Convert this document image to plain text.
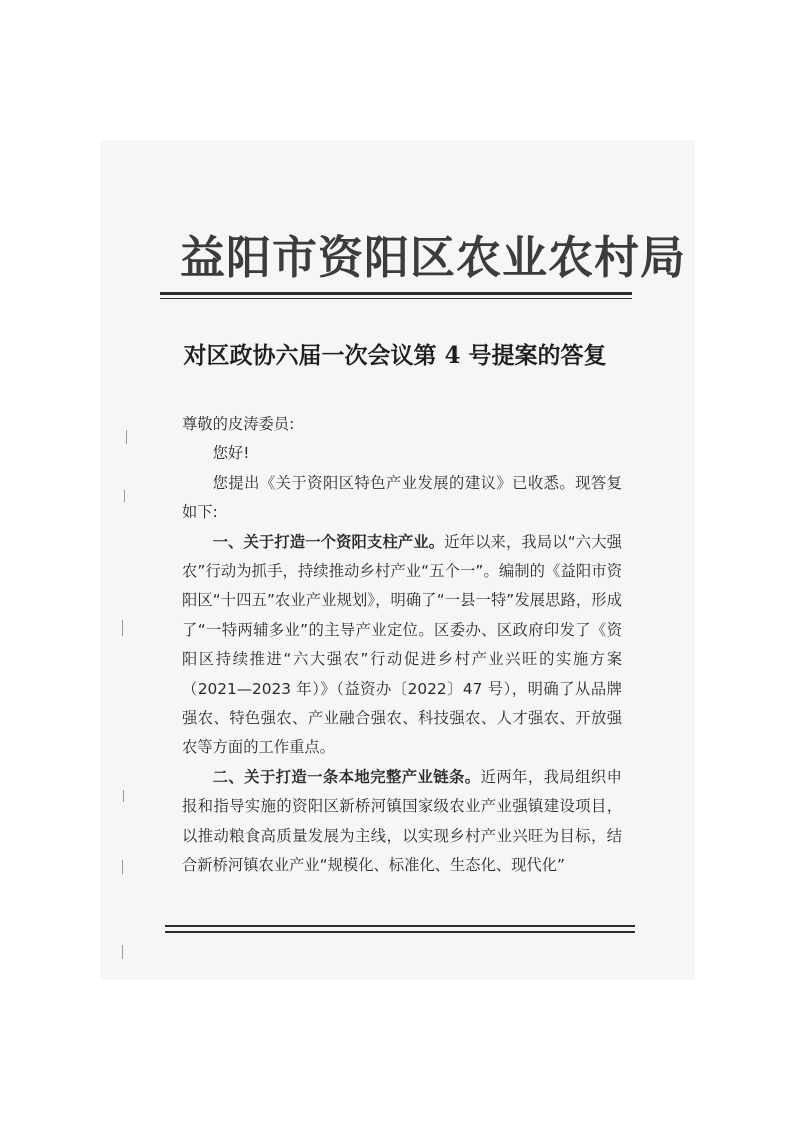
益阳市资阳区农业农村局
对区政协六届一次会议第 4 号提案的答复

尊敬的皮涛委员:

您好!

您提出《关于资阳区特色产业发展的建议》已收悉。现答复如下:

一、关于打造一个资阳支柱产业。近年以来，我局以“六大强农”行动为抓手，持续推动乡村产业“五个一”。编制的《益阳市资阳区“十四五”农业产业规划》，明确了“一县一特”发展思路，形成了“一特两辅多业”的主导产业定位。区委办、区政府印发了《资阳区持续推进“六大强农”行动促进乡村产业兴旺的实施方案（2021—2023 年）》（益资办〔2022〕47 号），明确了从品牌强农、特色强农、产业融合强农、科技强农、人才强农、开放强农等方面的工作重点。

二、关于打造一条本地完整产业链条。近两年，我局组织申报和指导实施的资阳区新桥河镇国家级农业产业强镇建设项目，以推动粮食高质量发展为主线，以实现乡村产业兴旺为目标，结合新桥河镇农业产业“规模化、标准化、生态化、现代化”
